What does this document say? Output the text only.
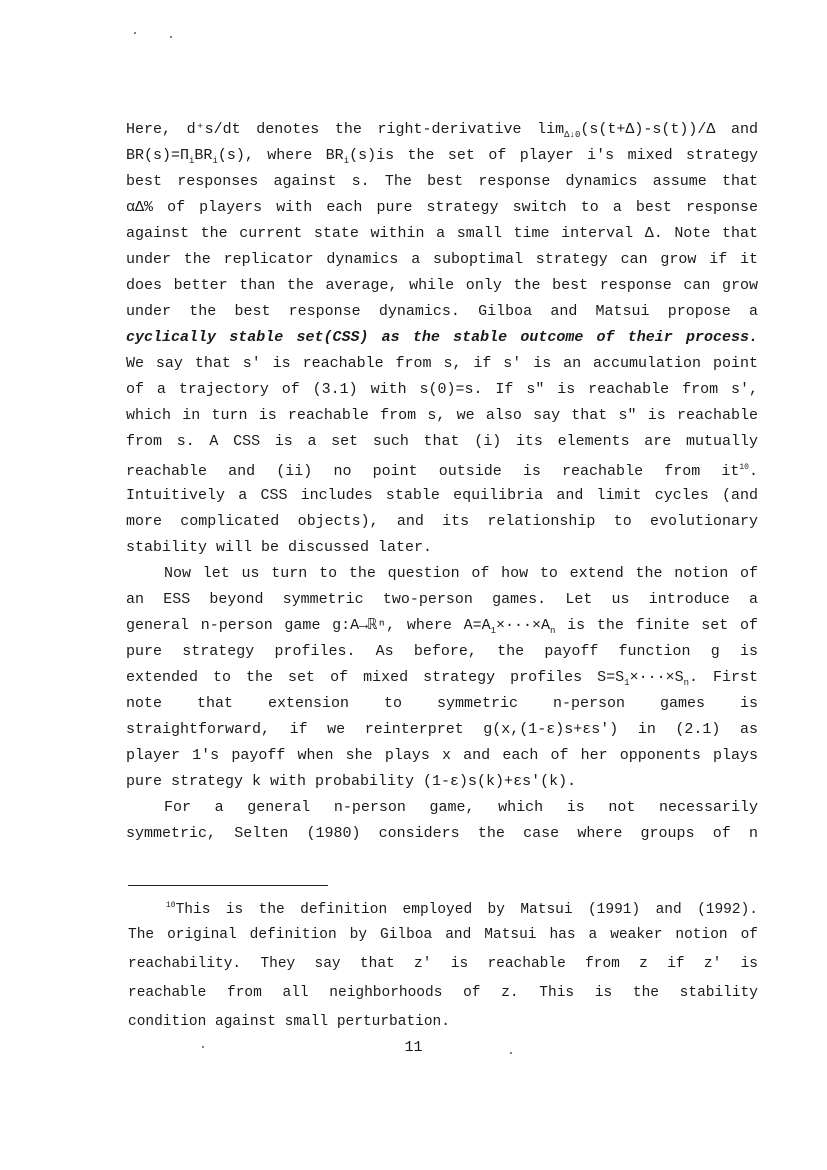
Here, d⁺s/dt denotes the right-derivative $\lim_{\Delta↓0}(s(t+\Delta)-s(t))/\Delta$ and
$BR(s)=\Pi_iBR_i(s)$, where $BR_i(s)is$ the set of player i's mixed strategy
best responses against s. The best response dynamics assume that
αΔ% of players with each pure strategy switch to a best response
against the current state within a small time interval Δ. Note that
under the replicator dynamics a suboptimal strategy can grow if it
does better than the average, while only the best response can grow
under the best response dynamics. Gilboa and Matsui propose a
cyclically stable set(CSS) as the stable outcome of their process.
We say that s' is reachable from s, if s' is an accumulation point
of a trajectory of (3.1) with s(0)=s. If s" is reachable from s',
which in turn is reachable from s, we also say that s" is reachable
from s. A CSS is a set such that (i) its elements are mutually
reachable and (ii) no point outside is reachable from $it^{10}$.
Intuitively a CSS includes stable equilibria and limit cycles (and
more complicated objects), and its relationship to evolutionary
stability will be discussed later.
Now let us turn to the question of how to extend the notion of
an ESS beyond symmetric two-person games. Let us introduce a
general n-person game g:A→ℝⁿ, where $A=A_1\times\cdot\cdot\cdot\times A_n$ is the finite set of
pure strategy profiles. As before, the payoff function g is
extended to the set of mixed strategy profiles $S=S_1\times\cdot\cdot\cdot\times S_n$. First
note that extension to symmetric n-person games is
straightforward, if we reinterpret g(x,(1-ε)s+εs') in (2.1) as
player 1's payoff when she plays x and each of her opponents plays
pure strategy k with probability (1-ε)s(k)+εs'(k).
For a general n-person game, which is not necessarily
symmetric, Selten (1980) considers the case where groups of n
$^{10}$This is the definition employed by Matsui (1991) and (1992).
The original definition by Gilboa and Matsui has a weaker notion of
reachability. They say that z' is reachable from z if z' is
reachable from all neighborhoods of z. This is the stability
condition against small perturbation.
11
